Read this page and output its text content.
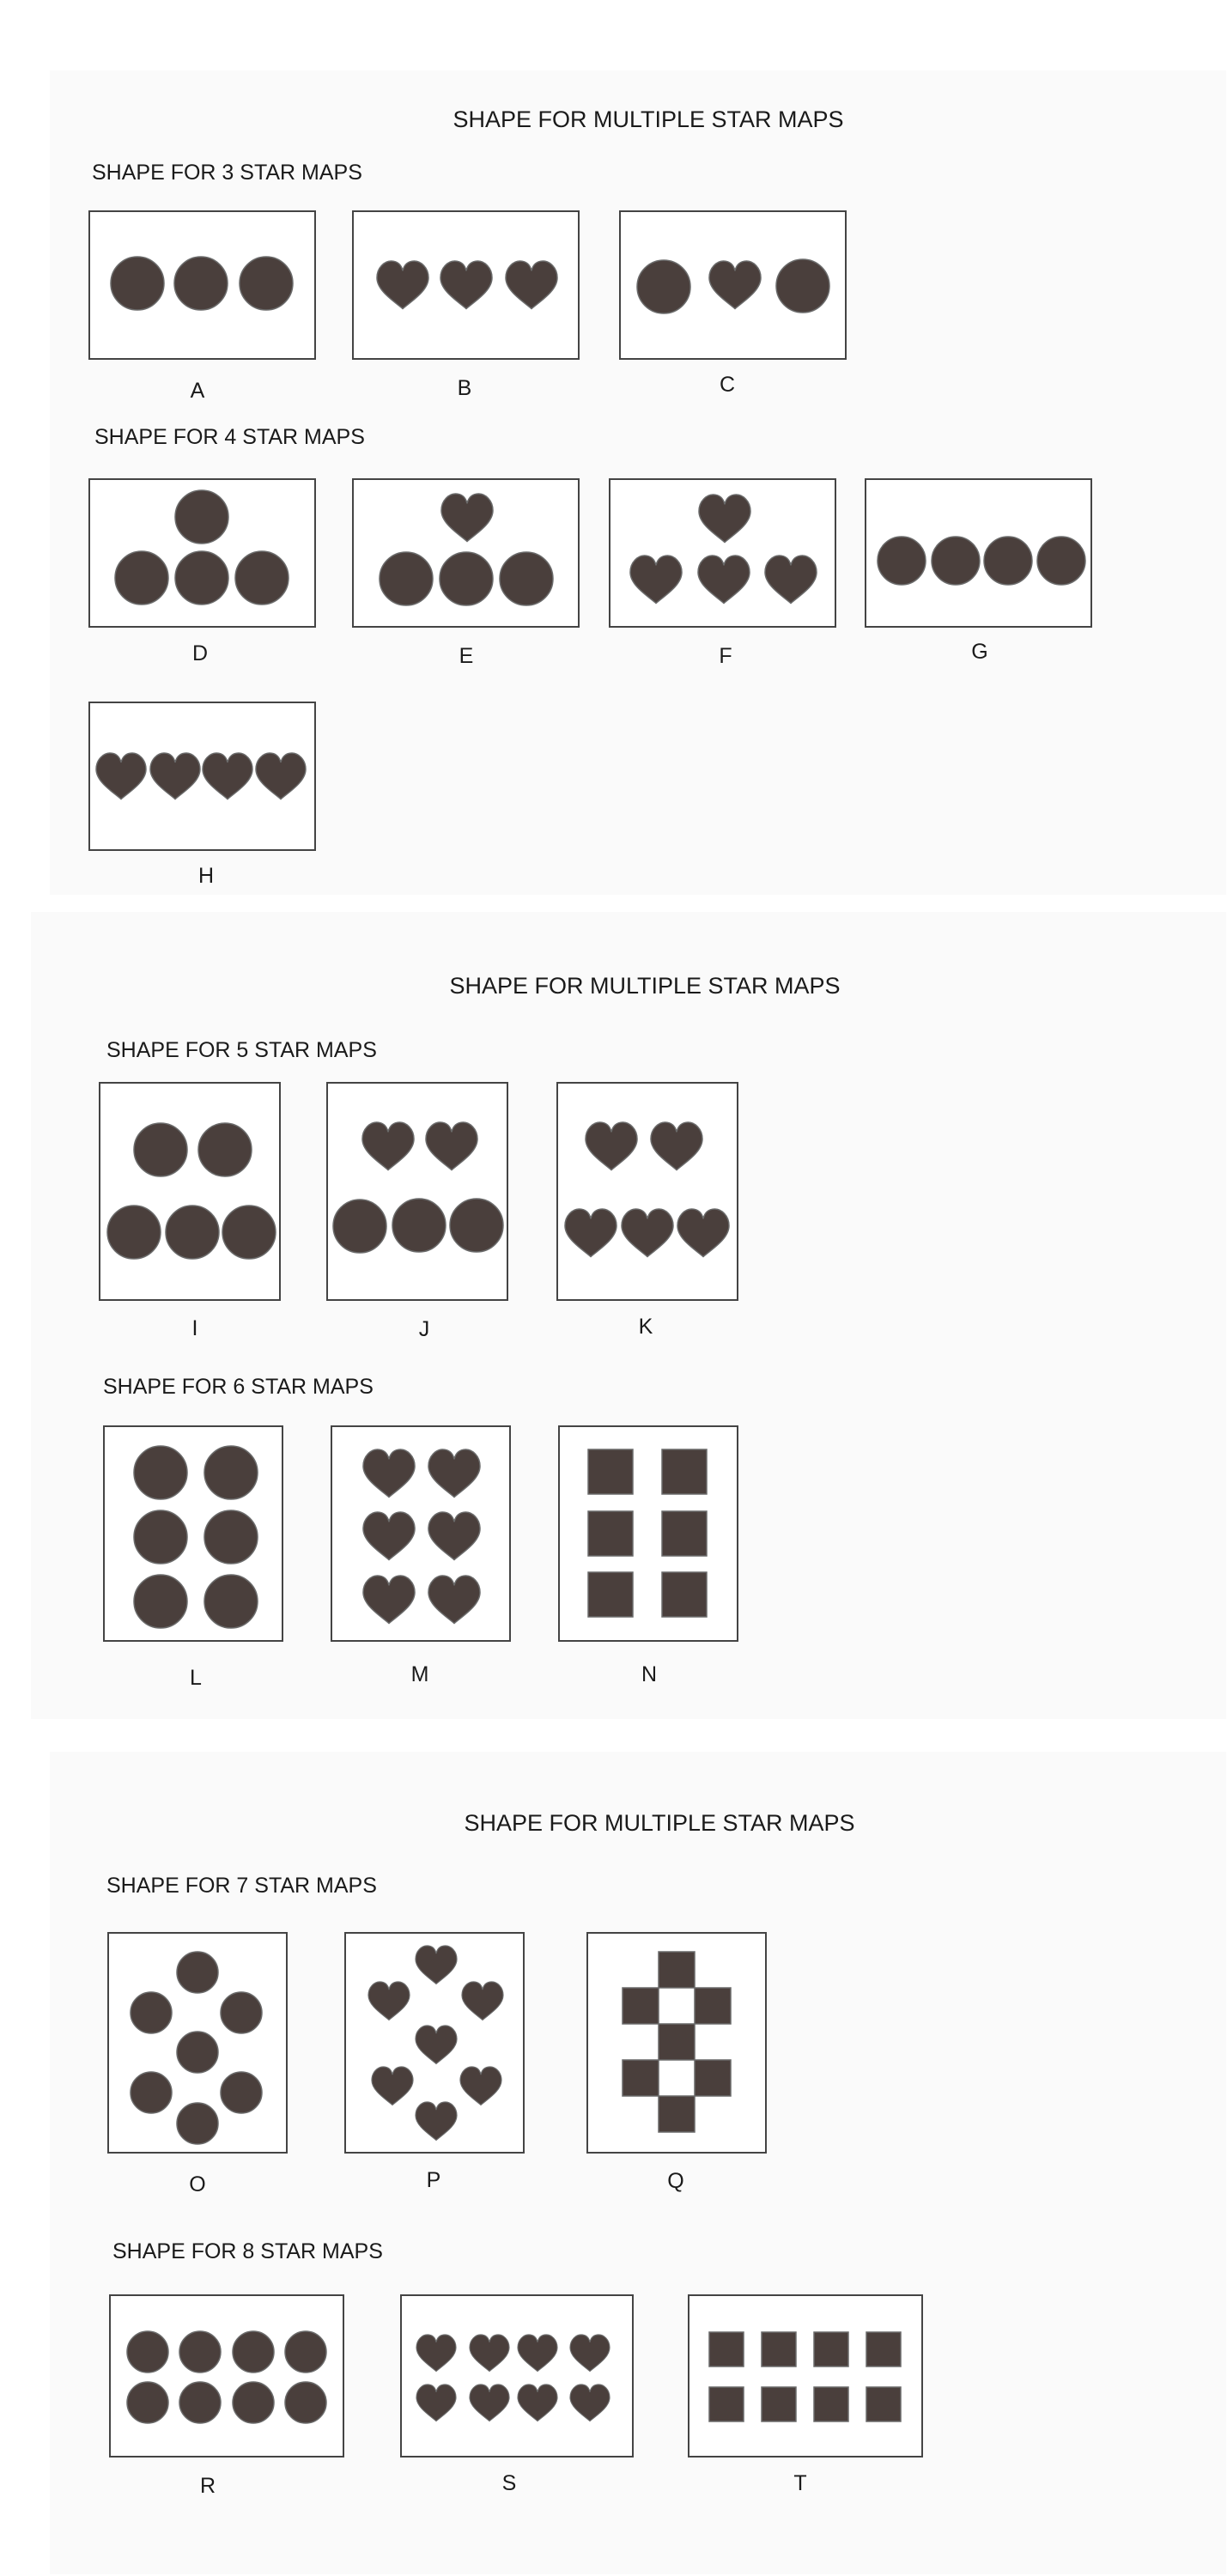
SHAPE FOR MULTIPLE STAR MAPS
SHAPE FOR MULTIPLE STAR MAPS
SHAPE FOR MULTIPLE STAR MAPS
SHAPE FOR 3 STAR MAPS
SHAPE FOR 4 STAR MAPS
SHAPE FOR 5 STAR MAPS
SHAPE FOR 6 STAR MAPS
SHAPE FOR 7 STAR MAPS
SHAPE FOR 8 STAR MAPS
A	B	C
D	E	F	G
H
I	J	K
L	M	N
O	P	Q
R	S	T
